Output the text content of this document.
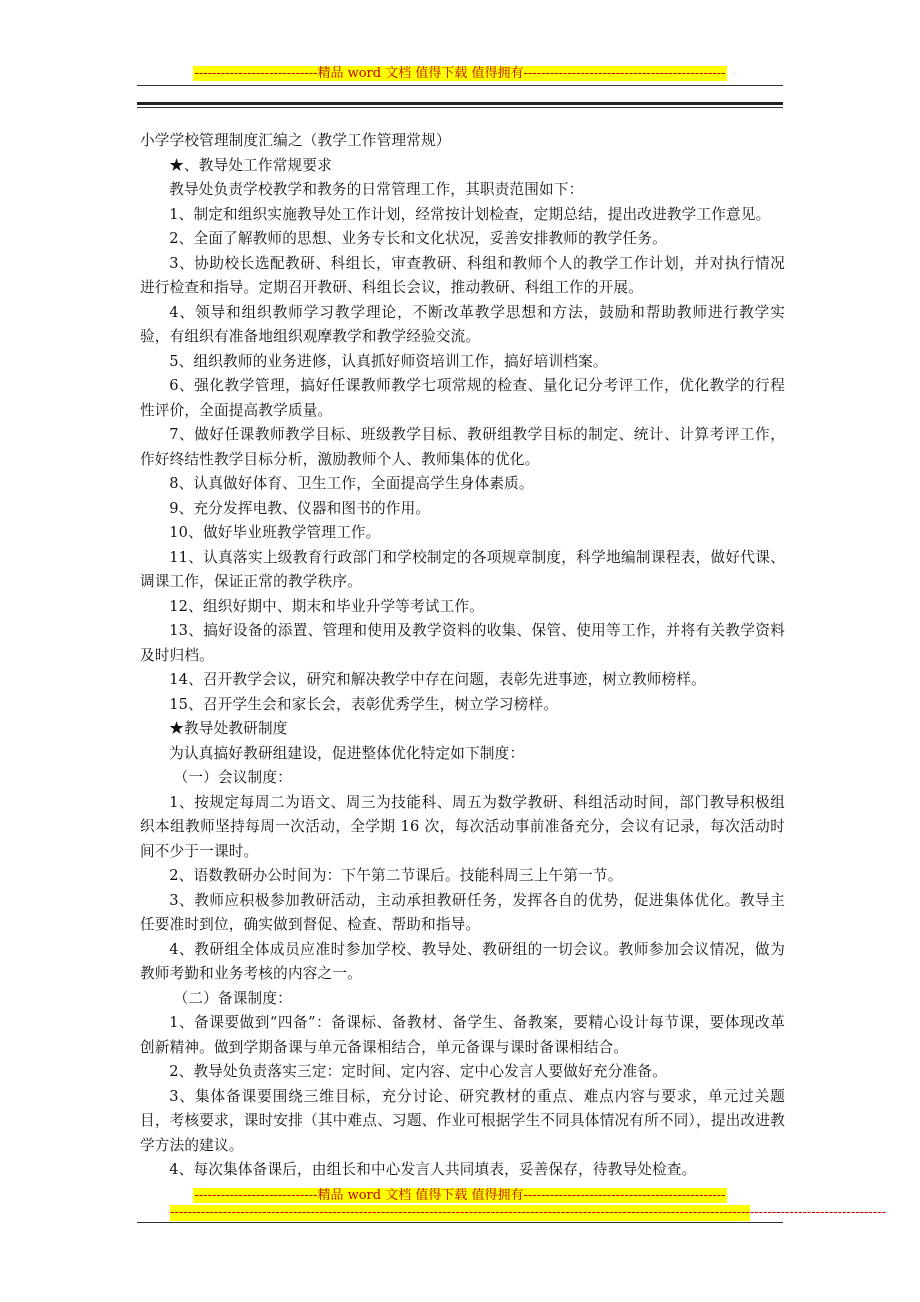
----------------------------精品 word 文档 值得下载 值得拥有----------------------------------------------

小学学校管理制度汇编之（教学工作管理常规）

★、教导处工作常规要求

教导处负责学校教学和教务的日常管理工作，其职责范围如下：

1、制定和组织实施教导处工作计划，经常按计划检查，定期总结，提出改进教学工作意见。

2、全面了解教师的思想、业务专长和文化状况，妥善安排教师的教学任务。

3、协助校长选配教研、科组长，审查教研、科组和教师个人的教学工作计划，并对执行情况进行检查和指导。定期召开教研、科组长会议，推动教研、科组工作的开展。

4、领导和组织教师学习教学理论，不断改革教学思想和方法，鼓励和帮助教师进行教学实验，有组织有准备地组织观摩教学和教学经验交流。

5、组织教师的业务进修，认真抓好师资培训工作，搞好培训档案。

6、强化教学管理，搞好任课教师教学七项常规的检查、量化记分考评工作，优化教学的行程性评价，全面提高教学质量。

7、做好任课教师教学目标、班级教学目标、教研组教学目标的制定、统计、计算考评工作，作好终结性教学目标分析，激励教师个人、教师集体的优化。

8、认真做好体育、卫生工作，全面提高学生身体素质。

9、充分发挥电教、仪器和图书的作用。

10、做好毕业班教学管理工作。

11、认真落实上级教育行政部门和学校制定的各项规章制度，科学地编制课程表，做好代课、调课工作，保证正常的教学秩序。

12、组织好期中、期末和毕业升学等考试工作。

13、搞好设备的添置、管理和使用及教学资料的收集、保管、使用等工作，并将有关教学资料及时归档。

14、召开教学会议，研究和解决教学中存在问题，表彰先进事迹，树立教师榜样。

15、召开学生会和家长会，表彰优秀学生，树立学习榜样。

★教导处教研制度

为认真搞好教研组建设，促进整体优化特定如下制度：

（一）会议制度：

1、按规定每周二为语文、周三为技能科、周五为数学教研、科组活动时间，部门教导积极组织本组教师坚持每周一次活动，全学期 16 次，每次活动事前准备充分，会议有记录，每次活动时间不少于一课时。

2、语数教研办公时间为：下午第二节课后。技能科周三上午第一节。

3、教师应积极参加教研活动，主动承担教研任务，发挥各自的优势，促进集体优化。教导主任要准时到位，确实做到督促、检查、帮助和指导。

4、教研组全体成员应准时参加学校、教导处、教研组的一切会议。教师参加会议情况，做为教师考勤和业务考核的内容之一。

（二）备课制度：

1、备课要做到“四备”：备课标、备教材、备学生、备教案，要精心设计每节课，要体现改革创新精神。做到学期备课与单元备课相结合，单元备课与课时备课相结合。

2、教导处负责落实三定：定时间、定内容、定中心发言人要做好充分准备。

3、集体备课要围绕三维目标，充分讨论、研究教材的重点、难点内容与要求，单元过关题目，考核要求，课时安排（其中难点、习题、作业可根据学生不同具体情况有所不同），提出改进教学方法的建议。

4、每次集体备课后，由组长和中心发言人共同填表，妥善保存，待教导处检查。

----------------------------精品 word 文档 值得下载 值得拥有----------------------------------------------
-------------------------------------------------------------------------------------------------------------------------------------------------------------------
